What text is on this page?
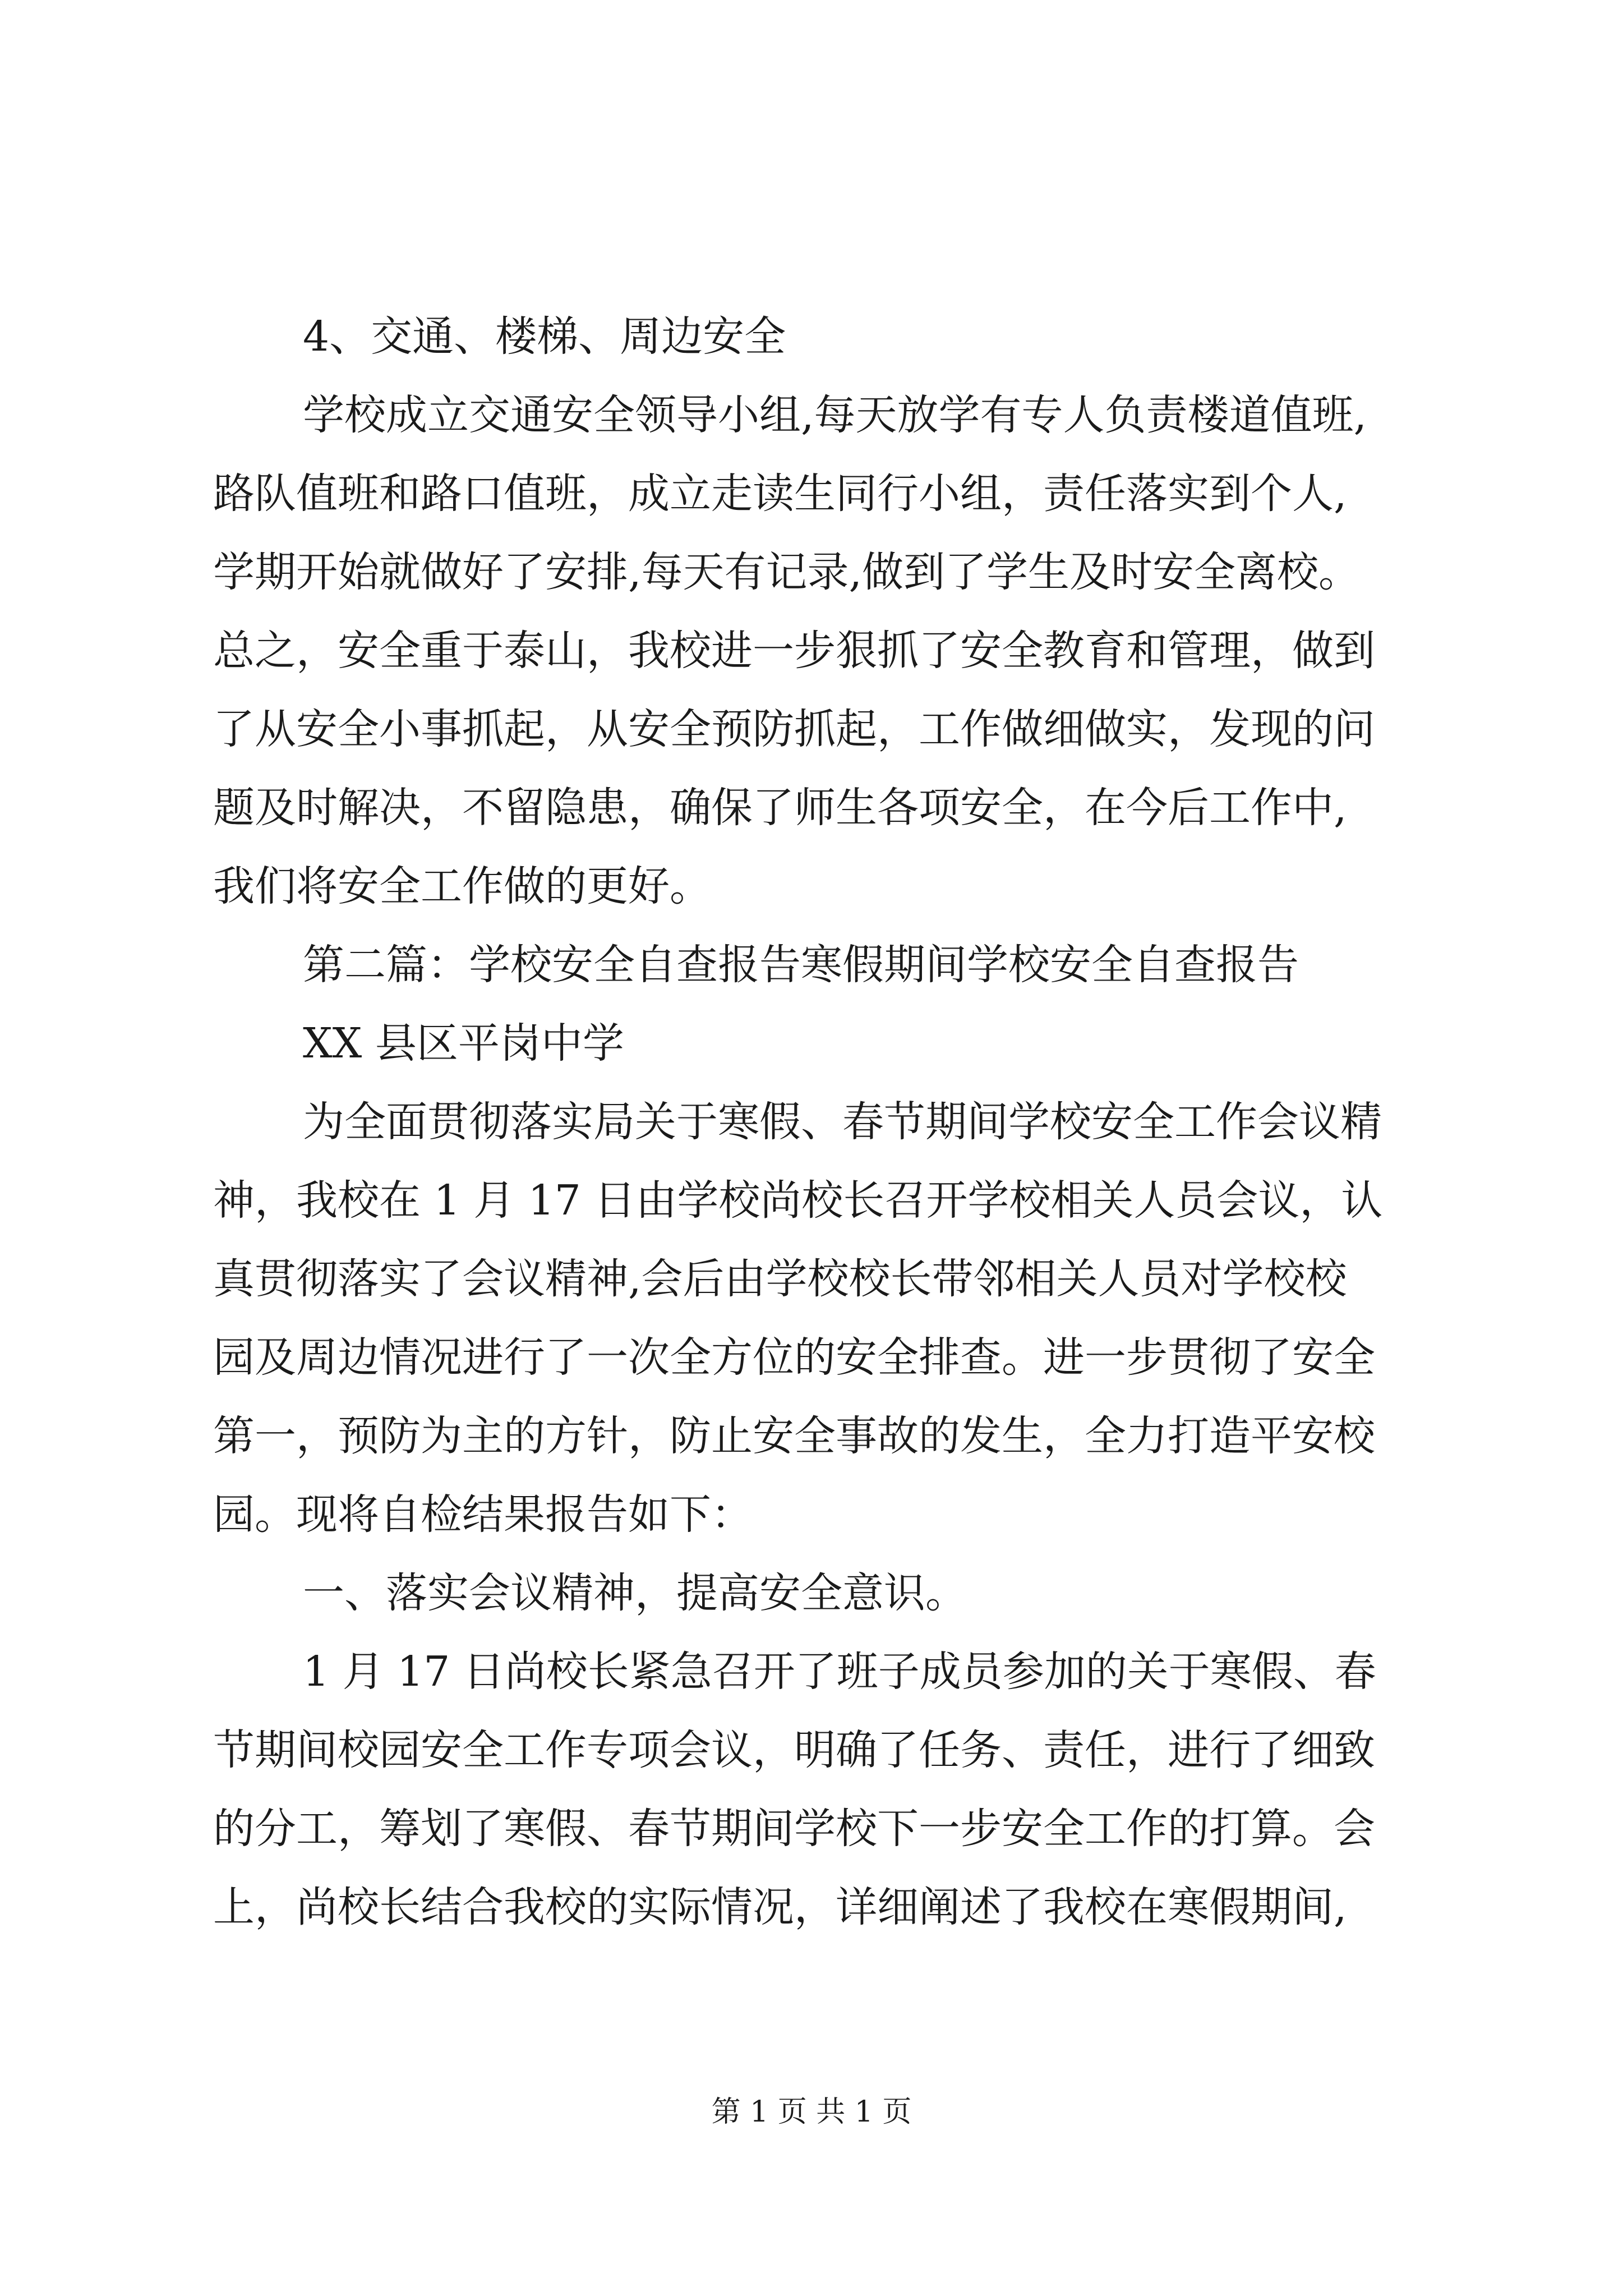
4、交通、楼梯、周边安全
学校成立交通安全领导小组,每天放学有专人负责楼道值班,
路队值班和路口值班，成立走读生同行小组，责任落实到个人,
学期开始就做好了安排,每天有记录,做到了学生及时安全离校。
总之，安全重于泰山，我校进一步狠抓了安全教育和管理，做到
了从安全小事抓起，从安全预防抓起，工作做细做实，发现的问
题及时解决，不留隐患，确保了师生各项安全，在今后工作中,
我们将安全工作做的更好。
第二篇：学校安全自查报告寒假期间学校安全自查报告
XX 县区平岗中学
为全面贯彻落实局关于寒假、春节期间学校安全工作会议精
神，我校在 1 月 17 日由学校尚校长召开学校相关人员会议，认
真贯彻落实了会议精神,会后由学校校长带邻相关人员对学校校
园及周边情况进行了一次全方位的安全排查。进一步贯彻了安全
第一，预防为主的方针，防止安全事故的发生，全力打造平安校
园。现将自检结果报告如下：
一、落实会议精神，提高安全意识。
1 月 17 日尚校长紧急召开了班子成员参加的关于寒假、春
节期间校园安全工作专项会议，明确了任务、责任，进行了细致
的分工，筹划了寒假、春节期间学校下一步安全工作的打算。会
上，尚校长结合我校的实际情况，详细阐述了我校在寒假期间,
第 1 页 共 1 页
